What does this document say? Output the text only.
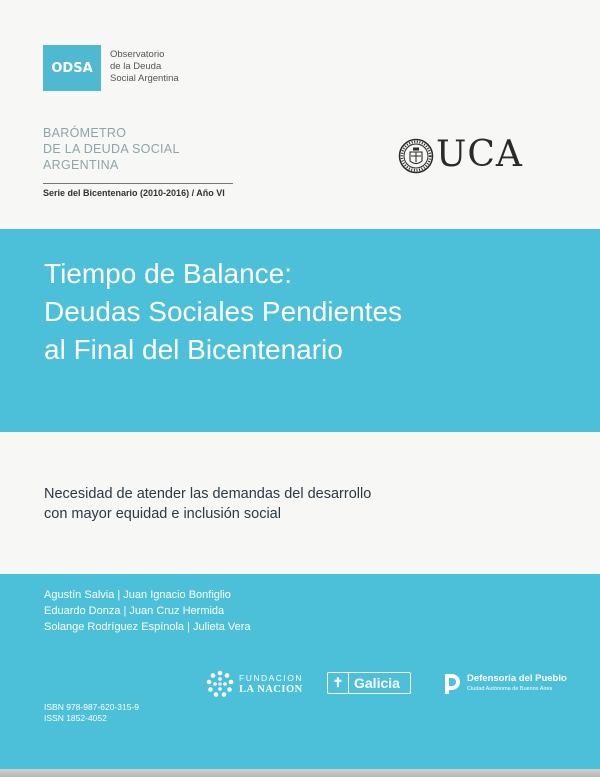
ODSA
Observatorio
de la Deuda
Social Argentina
BARÓMETRO
DE LA DEUDA SOCIAL
ARGENTINA
Serie del Bicentenario (2010-2016) / Año VI
UCA
Tiempo de Balance:
Deudas Sociales Pendientes
al Final del Bicentenario
Necesidad de atender las demandas del desarrollo
con mayor equidad e inclusión social
Agustín Salvia | Juan Ignacio Bonfiglio
Eduardo Donza | Juan Cruz Hermida
Solange Rodríguez Espínola | Julieta Vera
FUNDACION
LA NACION	✝ Galicia	Defensoría del Pueblo
Ciudad Autónoma de Buenos Aires
ISBN 978-987-620-315-9
ISSN 1852-4052
